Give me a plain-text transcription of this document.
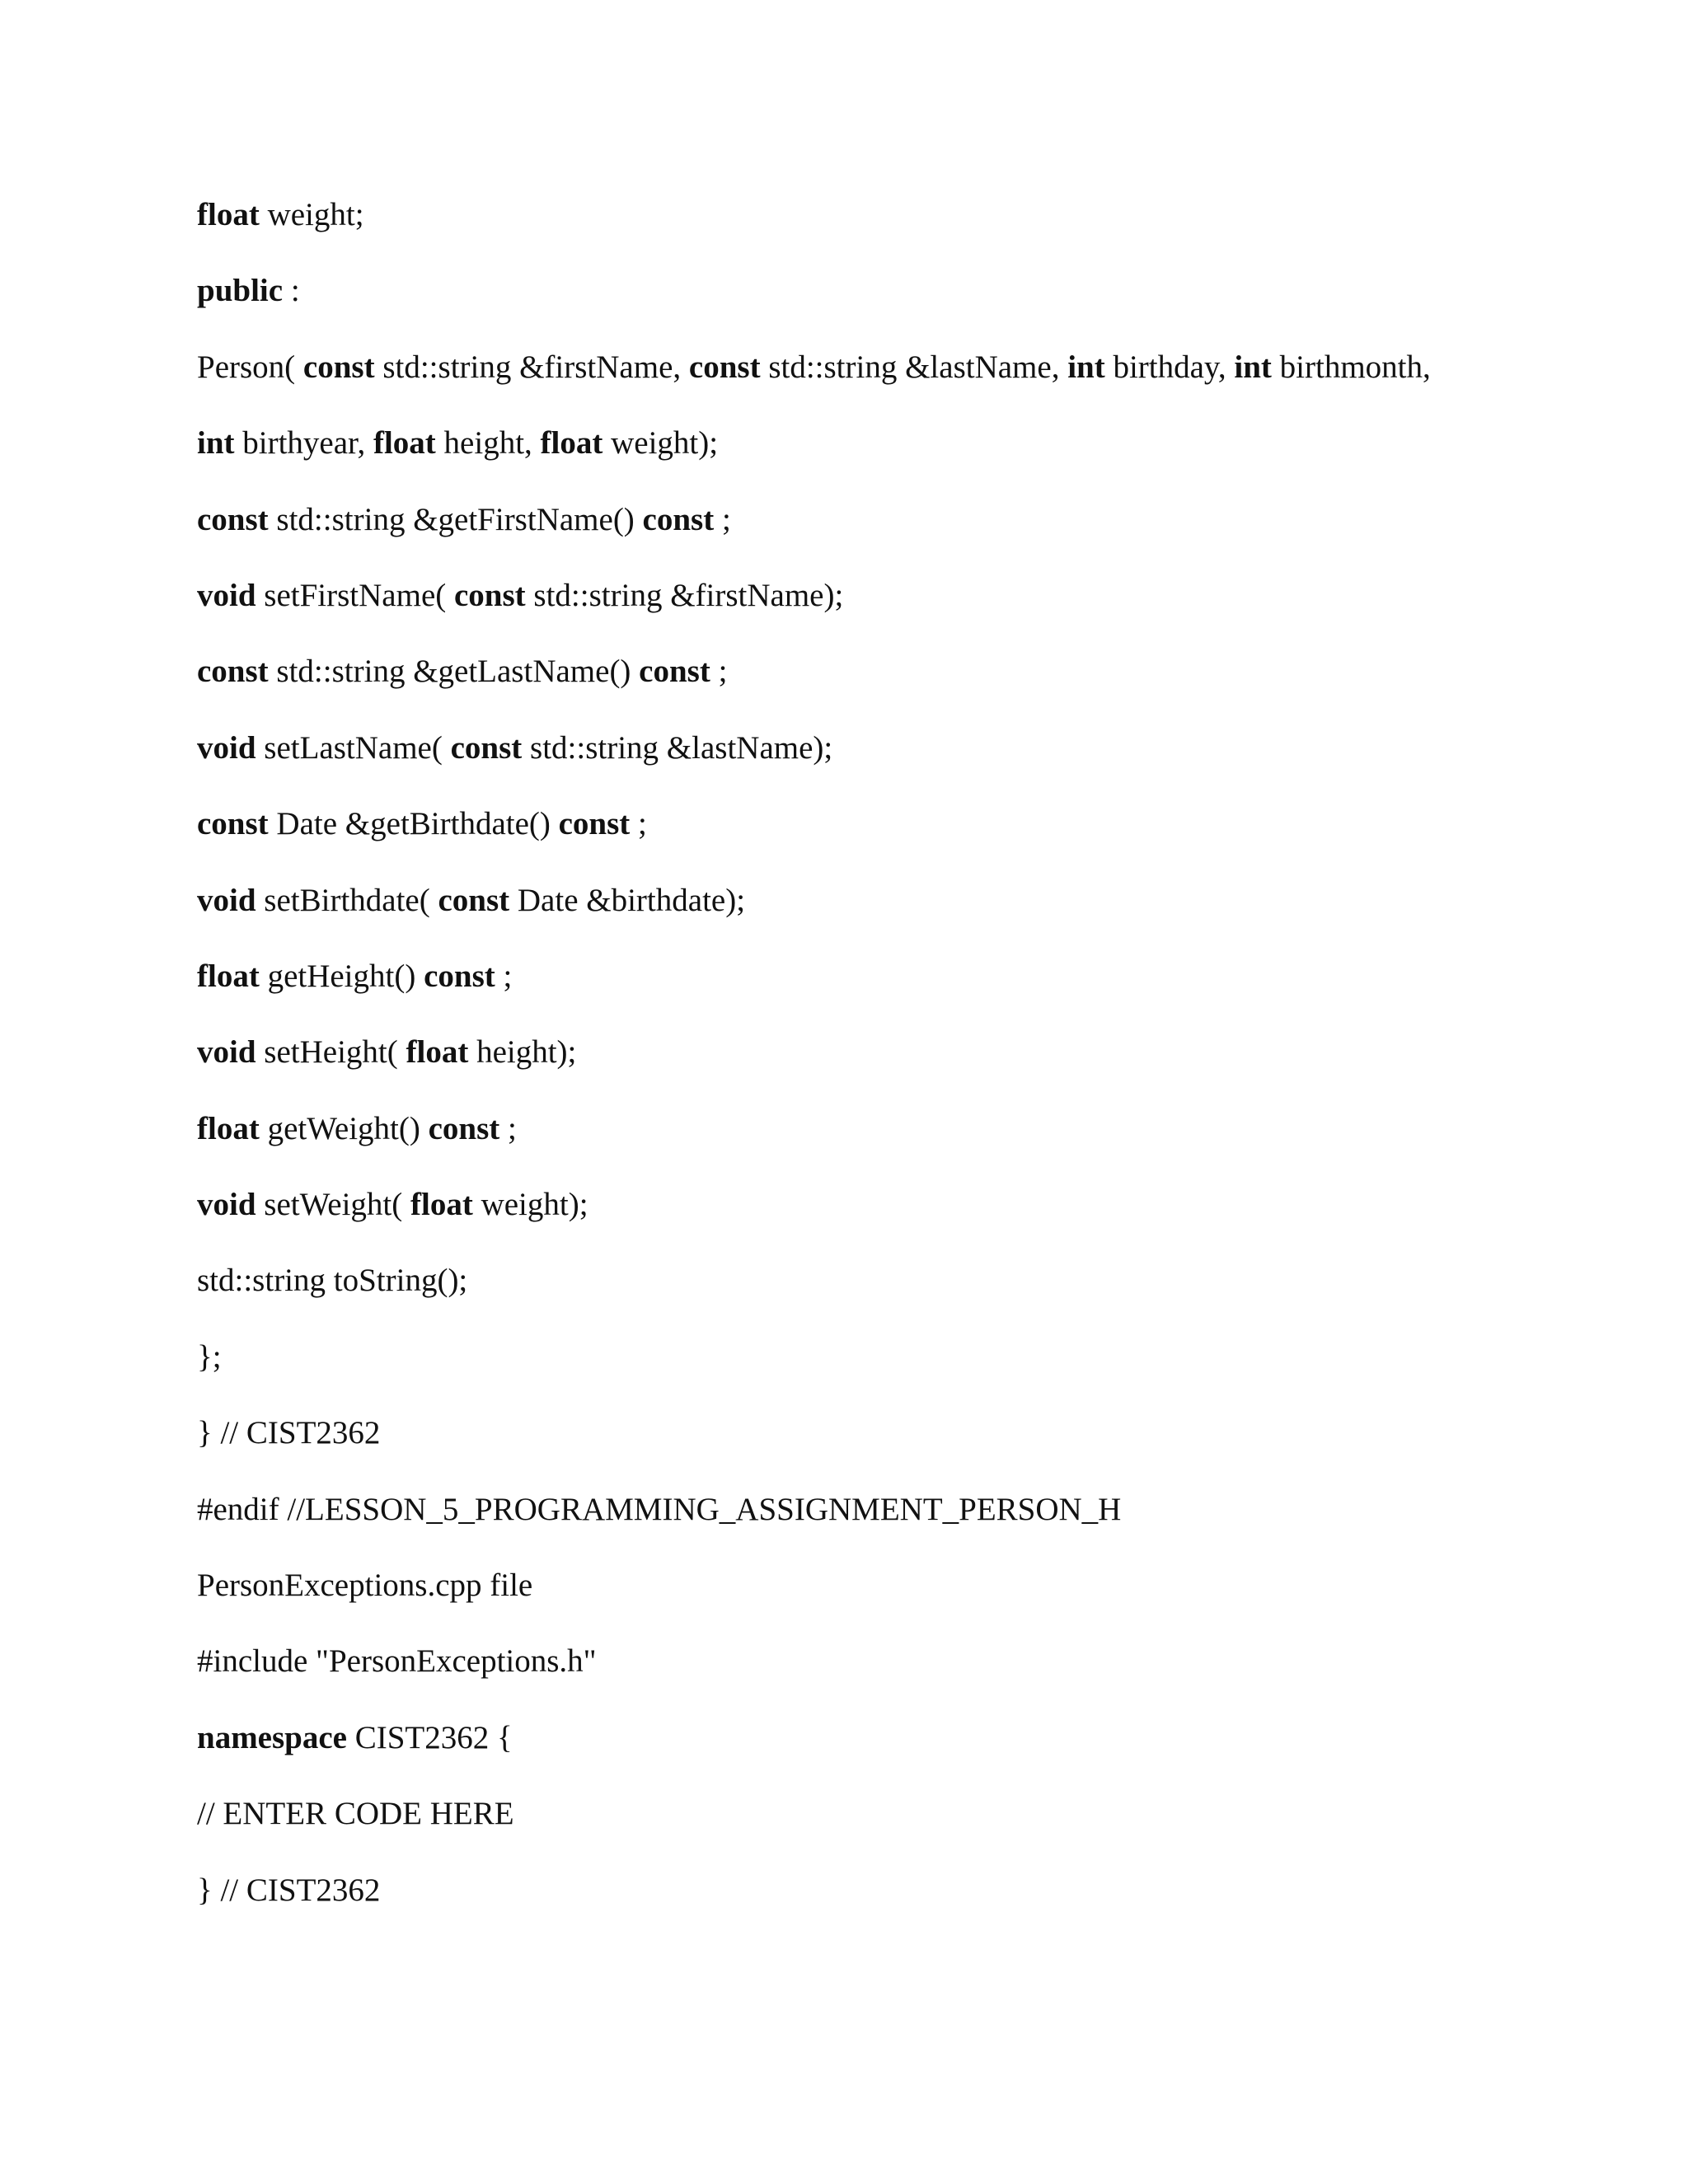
float weight;
public :
Person( const std::string &firstName, const std::string &lastName, int birthday, int birthmonth,
int birthyear, float height, float weight);
const std::string &getFirstName() const ;
void setFirstName( const std::string &firstName);
const std::string &getLastName() const ;
void setLastName( const std::string &lastName);
const Date &getBirthdate() const ;
void setBirthdate( const Date &birthdate);
float getHeight() const ;
void setHeight( float height);
float getWeight() const ;
void setWeight( float weight);
std::string toString();
};
} // CIST2362
#endif //LESSON_5_PROGRAMMING_ASSIGNMENT_PERSON_H
PersonExceptions.cpp file
#include "PersonExceptions.h"
namespace CIST2362 {
// ENTER CODE HERE
} // CIST2362
